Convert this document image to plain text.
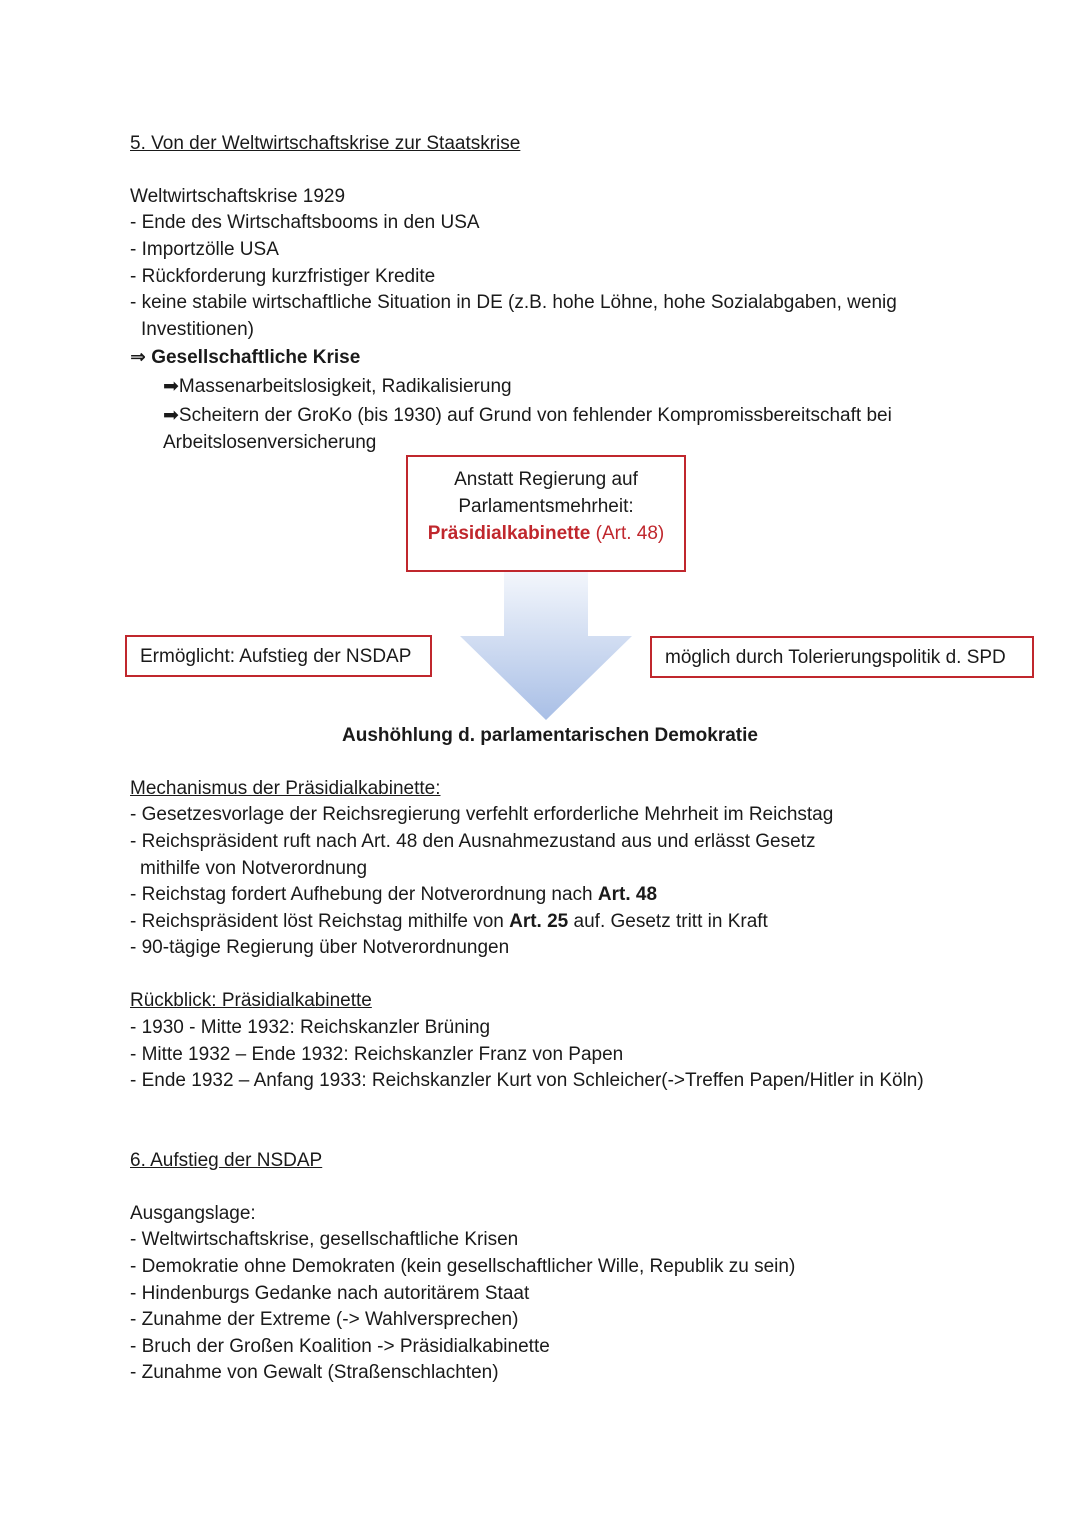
5. Von der Weltwirtschaftskrise zur Staatskrise
Weltwirtschaftskrise 1929
- Ende des Wirtschaftsbooms in den USA
- Importzölle USA
- Rückforderung kurzfristiger Kredite
- keine stabile wirtschaftliche Situation in DE (z.B. hohe Löhne, hohe Sozialabgaben, wenig
Investitionen)
⇒ Gesellschaftliche Krise
➡Massenarbeitslosigkeit, Radikalisierung
➡Scheitern der GroKo (bis 1930) auf Grund von fehlender Kompromissbereitschaft bei
Arbeitslosenversicherung
Anstatt Regierung auf
Parlamentsmehrheit:
Präsidialkabinette (Art. 48)
Ermöglicht: Aufstieg der NSDAP	möglich durch Tolerierungspolitik d. SPD
Aushöhlung d. parlamentarischen Demokratie
Mechanismus der Präsidialkabinette:
- Gesetzesvorlage der Reichsregierung verfehlt erforderliche Mehrheit im Reichstag
- Reichspräsident ruft nach Art. 48 den Ausnahmezustand aus und erlässt Gesetz
mithilfe von Notverordnung
- Reichstag fordert Aufhebung der Notverordnung nach Art. 48
- Reichspräsident löst Reichstag mithilfe von Art. 25 auf. Gesetz tritt in Kraft
- 90-tägige Regierung über Notverordnungen
Rückblick: Präsidialkabinette
- 1930 - Mitte 1932: Reichskanzler Brüning
- Mitte 1932 – Ende 1932: Reichskanzler Franz von Papen
- Ende 1932 – Anfang 1933: Reichskanzler Kurt von Schleicher(->Treffen Papen/Hitler in Köln)
6. Aufstieg der NSDAP
Ausgangslage:
- Weltwirtschaftskrise, gesellschaftliche Krisen
- Demokratie ohne Demokraten (kein gesellschaftlicher Wille, Republik zu sein)
- Hindenburgs Gedanke nach autoritärem Staat
- Zunahme der Extreme (-> Wahlversprechen)
- Bruch der Großen Koalition -> Präsidialkabinette
- Zunahme von Gewalt (Straßenschlachten)
